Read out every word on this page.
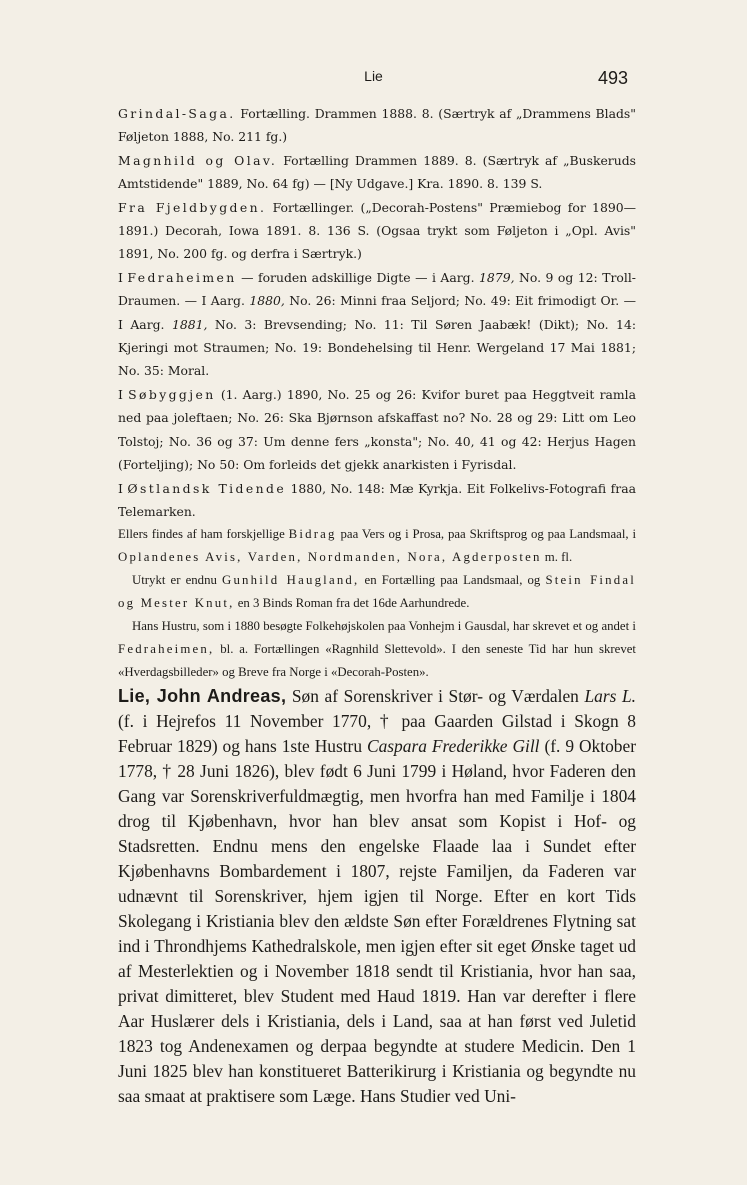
Lie	493

Grindal-Saga. Fortælling. Drammen 1888. 8. (Særtryk af „Drammens Blads" Føljeton 1888, No. 211 fg.)

Magnhild og Olav. Fortælling Drammen 1889. 8. (Særtryk af „Buskeruds Amtstidende" 1889, No. 64 fg) — [Ny Udgave.] Kra. 1890. 8. 139 S.

Fra Fjeldbygden. Fortællinger. („Decorah-Postens" Præmiebog for 1890—1891.) Decorah, Iowa 1891. 8. 136 S. (Ogsaa trykt som Føljeton i „Opl. Avis" 1891, No. 200 fg. og derfra i Særtryk.)

I Fedraheimen — foruden adskillige Digte — i Aarg. 1879, No. 9 og 12: Troll-Draumen. — I Aarg. 1880, No. 26: Minni fraa Seljord; No. 49: Eit frimodigt Or. — I Aarg. 1881, No. 3: Brevsending; No. 11: Til Søren Jaabæk! (Dikt); No. 14: Kjeringi mot Straumen; No. 19: Bondehelsing til Henr. Wergeland 17 Mai 1881; No. 35: Moral.

I Søbyggjen (1. Aarg.) 1890, No. 25 og 26: Kvifor buret paa Heggtveit ramla ned paa joleftaen; No. 26: Ska Bjørnson afskaffast no? No. 28 og 29: Litt om Leo Tolstoj; No. 36 og 37: Um denne fers „konsta"; No. 40, 41 og 42: Herjus Hagen (Forteljing); No 50: Om forleids det gjekk anarkisten i Fyrisdal.

I Østlandsk Tidende 1880, No. 148: Mæ Kyrkja. Eit Folkelivs-Fotografi fraa Telemarken.

Ellers findes af ham forskjellige Bidrag paa Vers og i Prosa, paa Skriftsprog og paa Landsmaal, i Oplandenes Avis, Varden, Nordmanden, Nora, Agderposten m. fl.

Utrykt er endnu Gunhild Haugland, en Fortælling paa Landsmaal, og Stein Findal og Mester Knut, en 3 Binds Roman fra det 16de Aarhundrede.

Hans Hustru, som i 1880 besøgte Folkehøjskolen paa Vonhejm i Gausdal, har skrevet et og andet i Fedraheimen, bl. a. Fortællingen «Ragnhild Slettevold». I den seneste Tid har hun skrevet «Hverdagsbilleder» og Breve fra Norge i «Decorah-Posten».

Lie, John Andreas, Søn af Sorenskriver i Stør- og Værdalen Lars L. (f. i Hejrefos 11 November 1770, † paa Gaarden Gilstad i Skogn 8 Februar 1829) og hans 1ste Hustru Caspara Frederikke Gill (f. 9 Oktober 1778, † 28 Juni 1826), blev født 6 Juni 1799 i Høland, hvor Faderen den Gang var Sorenskriverfuldmægtig, men hvorfra han med Familje i 1804 drog til Kjøbenhavn, hvor han blev ansat som Kopist i Hof- og Stadsretten. Endnu mens den engelske Flaade laa i Sundet efter Kjøbenhavns Bombardement i 1807, rejste Familjen, da Faderen var udnævnt til Sorenskriver, hjem igjen til Norge. Efter en kort Tids Skolegang i Kristiania blev den ældste Søn efter Forældrenes Flytning sat ind i Throndhjems Kathedralskole, men igjen efter sit eget Ønske taget ud af Mesterlektien og i November 1818 sendt til Kristiania, hvor han saa, privat dimitteret, blev Student med Haud 1819. Han var derefter i flere Aar Huslærer dels i Kristiania, dels i Land, saa at han først ved Juletid 1823 tog Andenexamen og derpaa begyndte at studere Medicin. Den 1 Juni 1825 blev han konstitueret Batterikirurg i Kristiania og begyndte nu saa smaat at praktisere som Læge. Hans Studier ved Uni-
